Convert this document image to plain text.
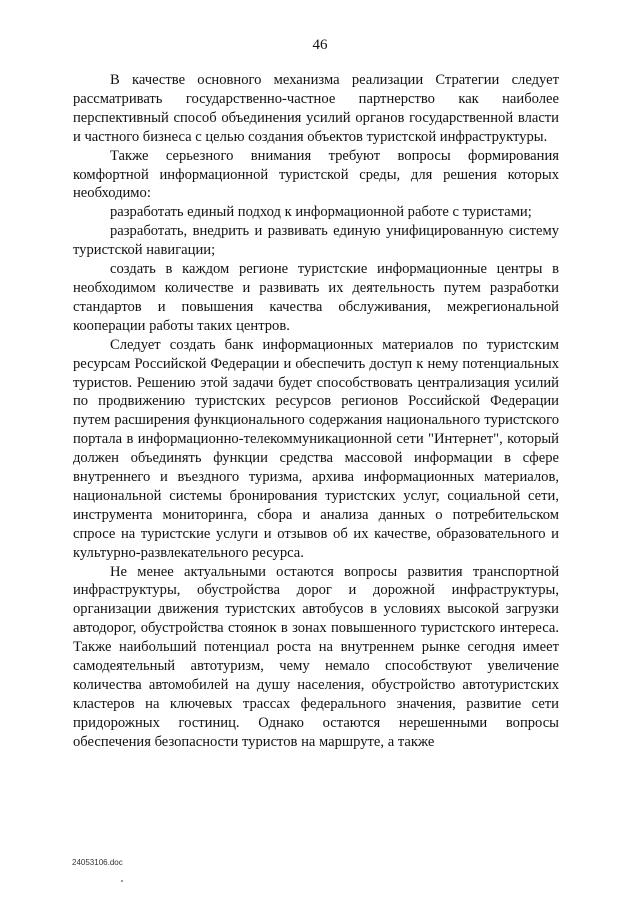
46

В качестве основного механизма реализации Стратегии следует рассматривать государственно-частное партнерство как наиболее перспективный способ объединения усилий органов государственной власти и частного бизнеса с целью создания объектов туристской инфраструктуры.

Также серьезного внимания требуют вопросы формирования комфортной информационной туристской среды, для решения которых необходимо:

разработать единый подход к информационной работе с туристами;

разработать, внедрить и развивать единую унифицированную систему туристской навигации;

создать в каждом регионе туристские информационные центры в необходимом количестве и развивать их деятельность путем разработки стандартов и повышения качества обслуживания, межрегиональной кооперации работы таких центров.

Следует создать банк информационных материалов по туристским ресурсам Российской Федерации и обеспечить доступ к нему потенциальных туристов. Решению этой задачи будет способствовать централизация усилий по продвижению туристских ресурсов регионов Российской Федерации путем расширения функционального содержания национального туристского портала в информационно-телекоммуникационной сети "Интернет", который должен объединять функции средства массовой информации в сфере внутреннего и въездного туризма, архива информационных материалов, национальной системы бронирования туристских услуг, социальной сети, инструмента мониторинга, сбора и анализа данных о потребительском спросе на туристские услуги и отзывов об их качестве, образовательного и культурно-развлекательного ресурса.

Не менее актуальными остаются вопросы развития транспортной инфраструктуры, обустройства дорог и дорожной инфраструктуры, организации движения туристских автобусов в условиях высокой загрузки автодорог, обустройства стоянок в зонах повышенного туристского интереса. Также наибольший потенциал роста на внутреннем рынке сегодня имеет самодеятельный автотуризм, чему немало способствуют увеличение количества автомобилей на душу населения, обустройство автотуристских кластеров на ключевых трассах федерального значения, развитие сети придорожных гостиниц. Однако остаются нерешенными вопросы обеспечения безопасности туристов на маршруте, а также

24053106.doc
